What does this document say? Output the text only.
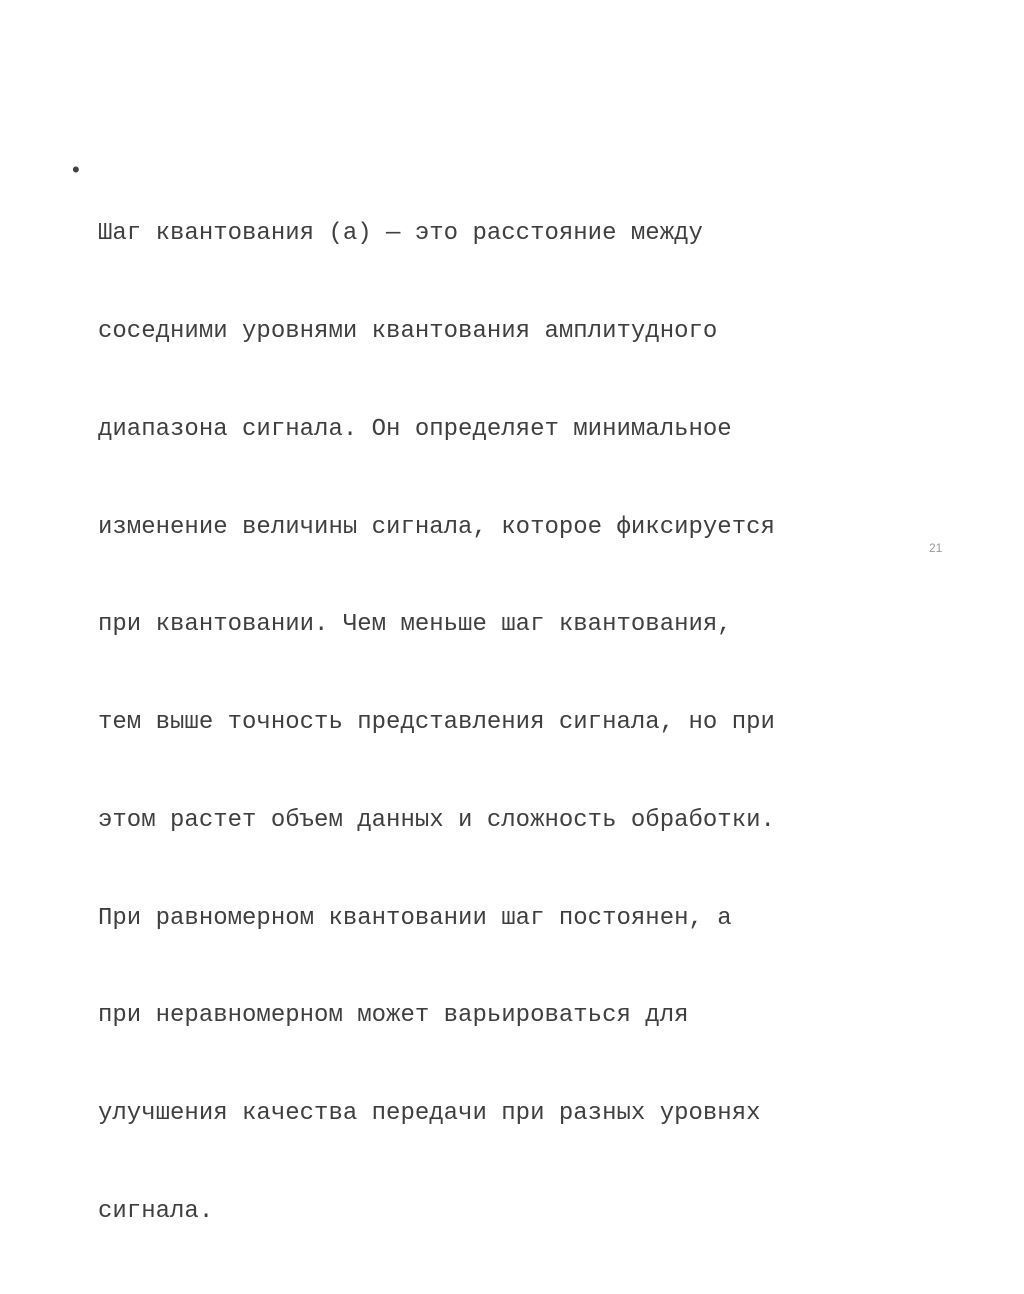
•

Шаг квантования (a) — это расстояние между

соседними уровнями квантования амплитудного

диапазона сигнала. Он определяет минимальное

изменение величины сигнала, которое фиксируется

при квантовании. Чем меньше шаг квантования,

тем выше точность представления сигнала, но при

этом растет объем данных и сложность обработки.

При равномерном квантовании шаг постоянен, а

при неравномерном может варьироваться для

улучшения качества передачи при разных уровнях

сигнала.

21
